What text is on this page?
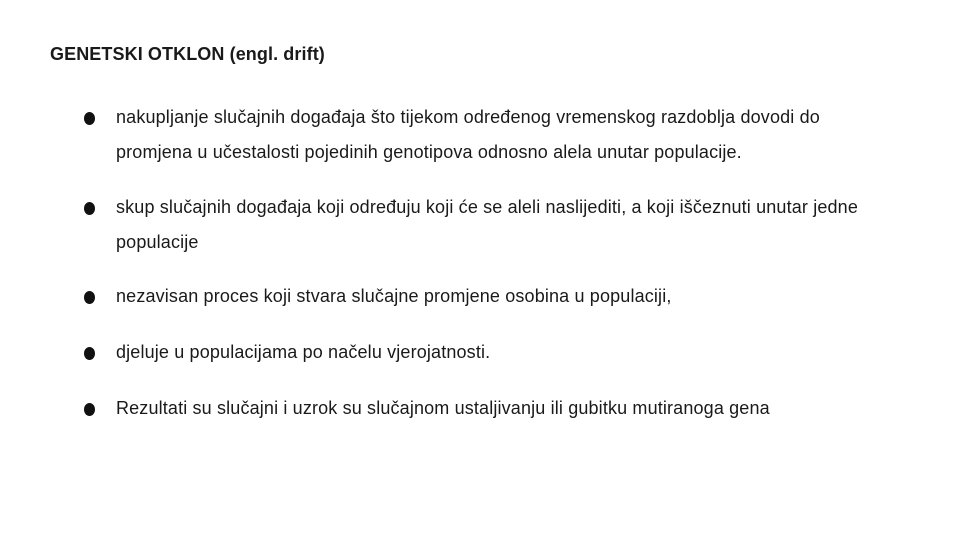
GENETSKI OTKLON (engl. drift)

nakupljanje slučajnih događaja što tijekom određenog vremenskog razdoblja dovodi do promjena u učestalosti pojedinih genotipova odnosno alela unutar populacije.

skup slučajnih događaja koji određuju koji će se aleli naslijediti, a koji iščeznuti unutar jedne populacije

nezavisan proces koji stvara slučajne promjene osobina u populaciji,

djeluje u populacijama po načelu vjerojatnosti.

Rezultati su slučajni i uzrok su slučajnom ustaljivanju ili gubitku mutiranoga gena
